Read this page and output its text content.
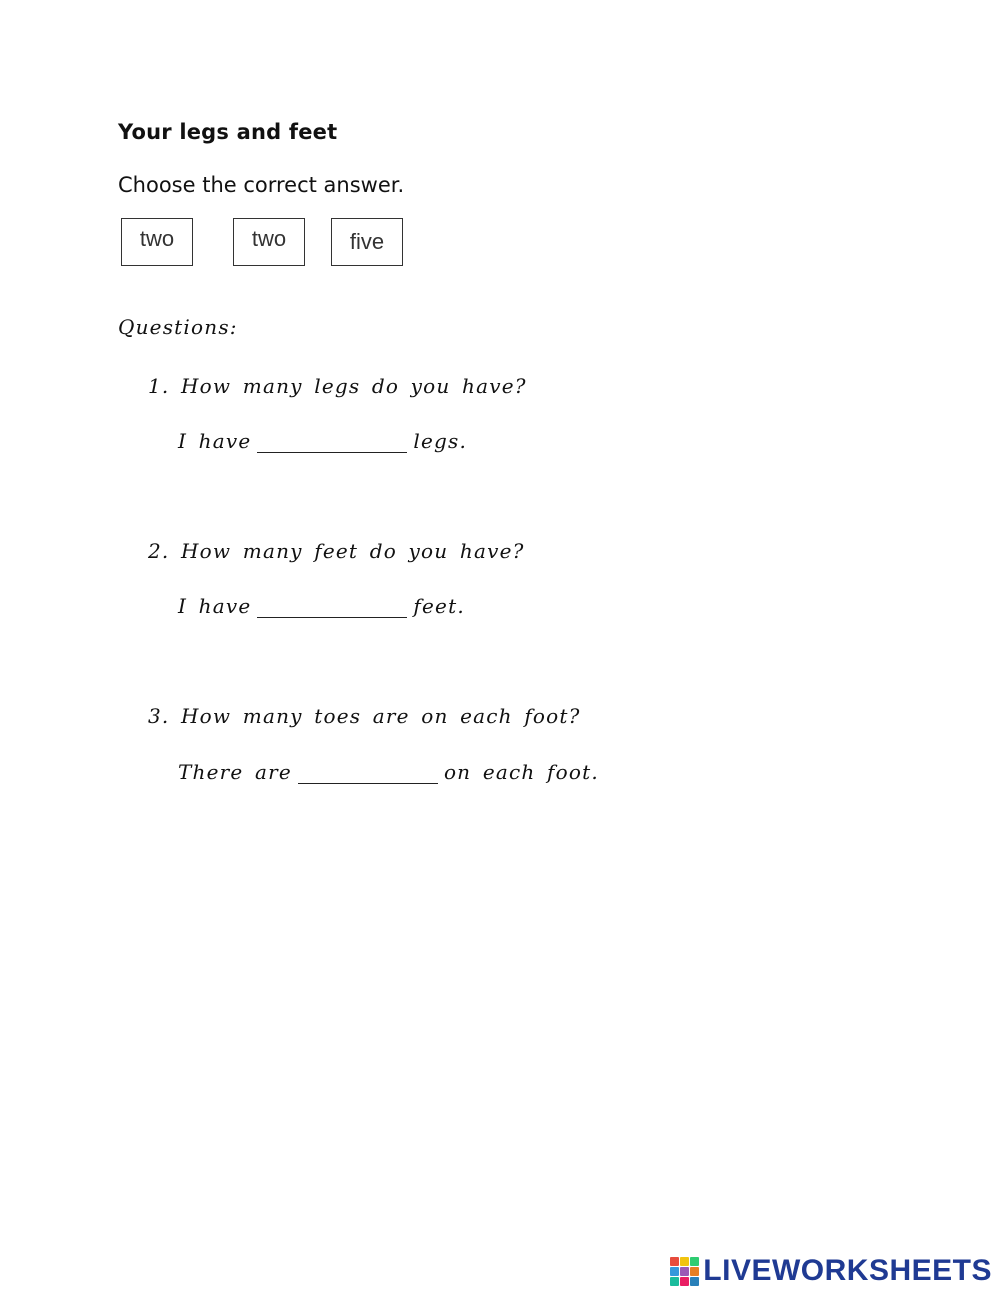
Your legs and feet
Choose the correct answer.
two	two	five
Questions:
1. How many legs do you have?
I have	legs.
2. How many feet do you have?
I have	feet.
3. How many toes are on each foot?
There are	on each foot.
LIVEWORKSHEETS
